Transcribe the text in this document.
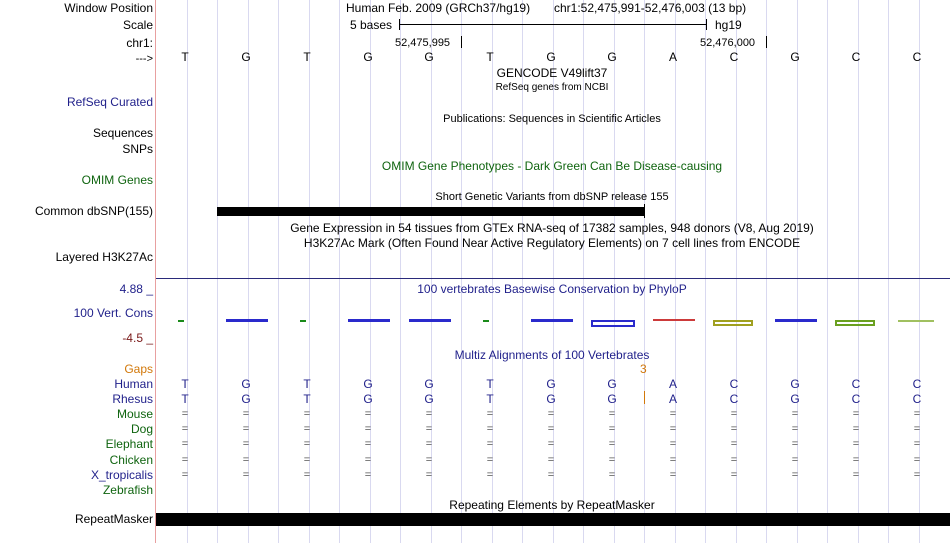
Window Position	Human Feb. 2009 (GRCh37/hg19) chr1:52,475,991-52,476,003 (13 bp)
Scale	5 bases	hg19
chr1:	52,475,995	52,476,000
--->	T	G	T	G	G	T	G	G	A	C	G	C	C
GENCODE V49lift37
RefSeq genes from NCBI
RefSeq Curated
Publications: Sequences in Scientific Articles
Sequences
SNPs
OMIM Gene Phenotypes - Dark Green Can Be Disease-causing
OMIM Genes
Short Genetic Variants from dbSNP release 155
Common dbSNP(155)
Gene Expression in 54 tissues from GTEx RNA-seq of 17382 samples, 948 donors (V8, Aug 2019)
H3K27Ac Mark (Often Found Near Active Regulatory Elements) on 7 cell lines from ENCODE
Layered H3K27Ac
4.88 _	100 vertebrates Basewise Conservation by PhyloP
100 Vert. Cons
-4.5 _
Multiz Alignments of 100 Vertebrates
Gaps	3
Human	T	G	T	G	G	T	G	G	A	C	G	C	C
Rhesus	T	G	T	G	G	T	G	G	A	C	G	C	C
Mouse	=	=	=	=	=	=	=	=	=	=	=	=	=
Dog	=	=	=	=	=	=	=	=	=	=	=	=	=
Elephant	=	=	=	=	=	=	=	=	=	=	=	=	=
Chicken	=	=	=	=	=	=	=	=	=	=	=	=	=
X_tropicalis	=	=	=	=	=	=	=	=	=	=	=	=	=
Zebrafish
Repeating Elements by RepeatMasker
RepeatMasker
